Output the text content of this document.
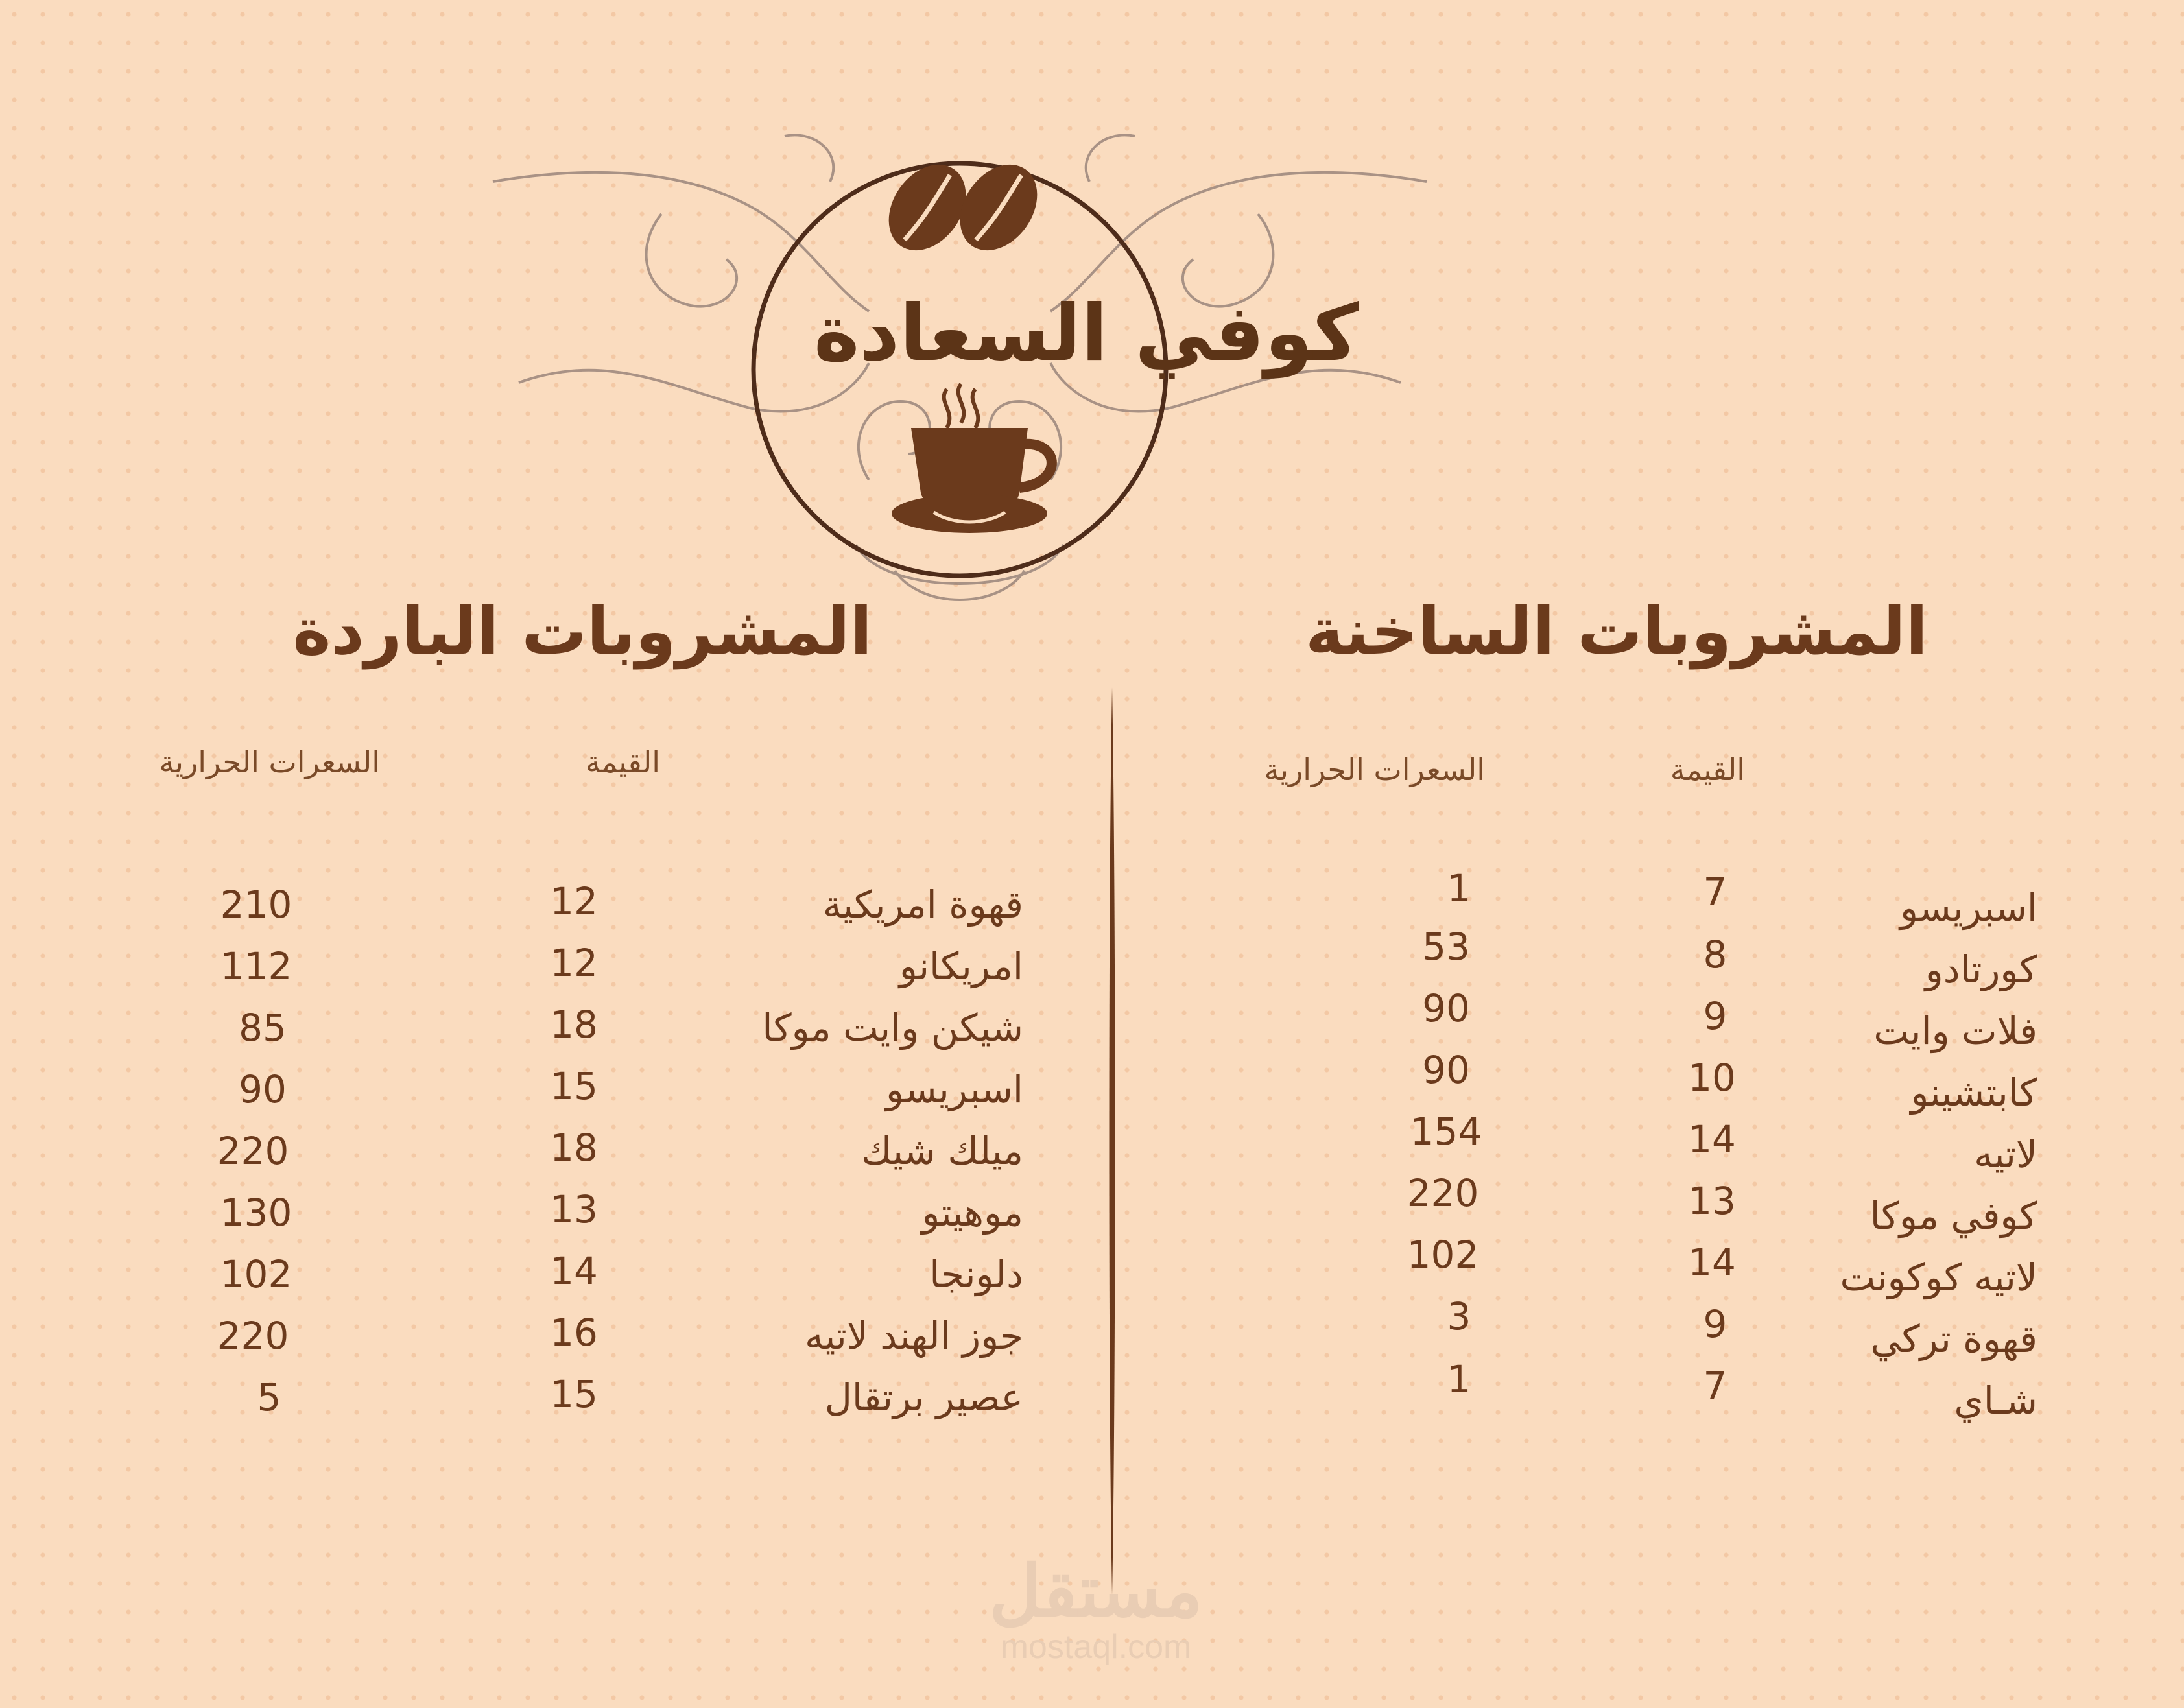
كوفي السعادة
المشروبات الساخنة
المشروبات الباردة
القيمة
السعرات الحرارية
القيمة
السعرات الحرارية
اسبريسو
7
1
كورتادو
8
53
فلات وايت
9
90
كابتشينو
10
90
لاتيه
14
154
كوفي موكا
13
220
لاتيه كوكونت
14
102
قهوة تركي
9
3
شـاي
7
1
قهوة امريكية
12
210
امريكانو
12
112
شيكن وايت موكا
18
85
اسبريسو
15
90
ميلك شيك
18
220
موهيتو
13
130
دلونجا
14
102
جوز الهند لاتيه
16
220
عصير برتقال
15
5
مستقل
mostaql.com
